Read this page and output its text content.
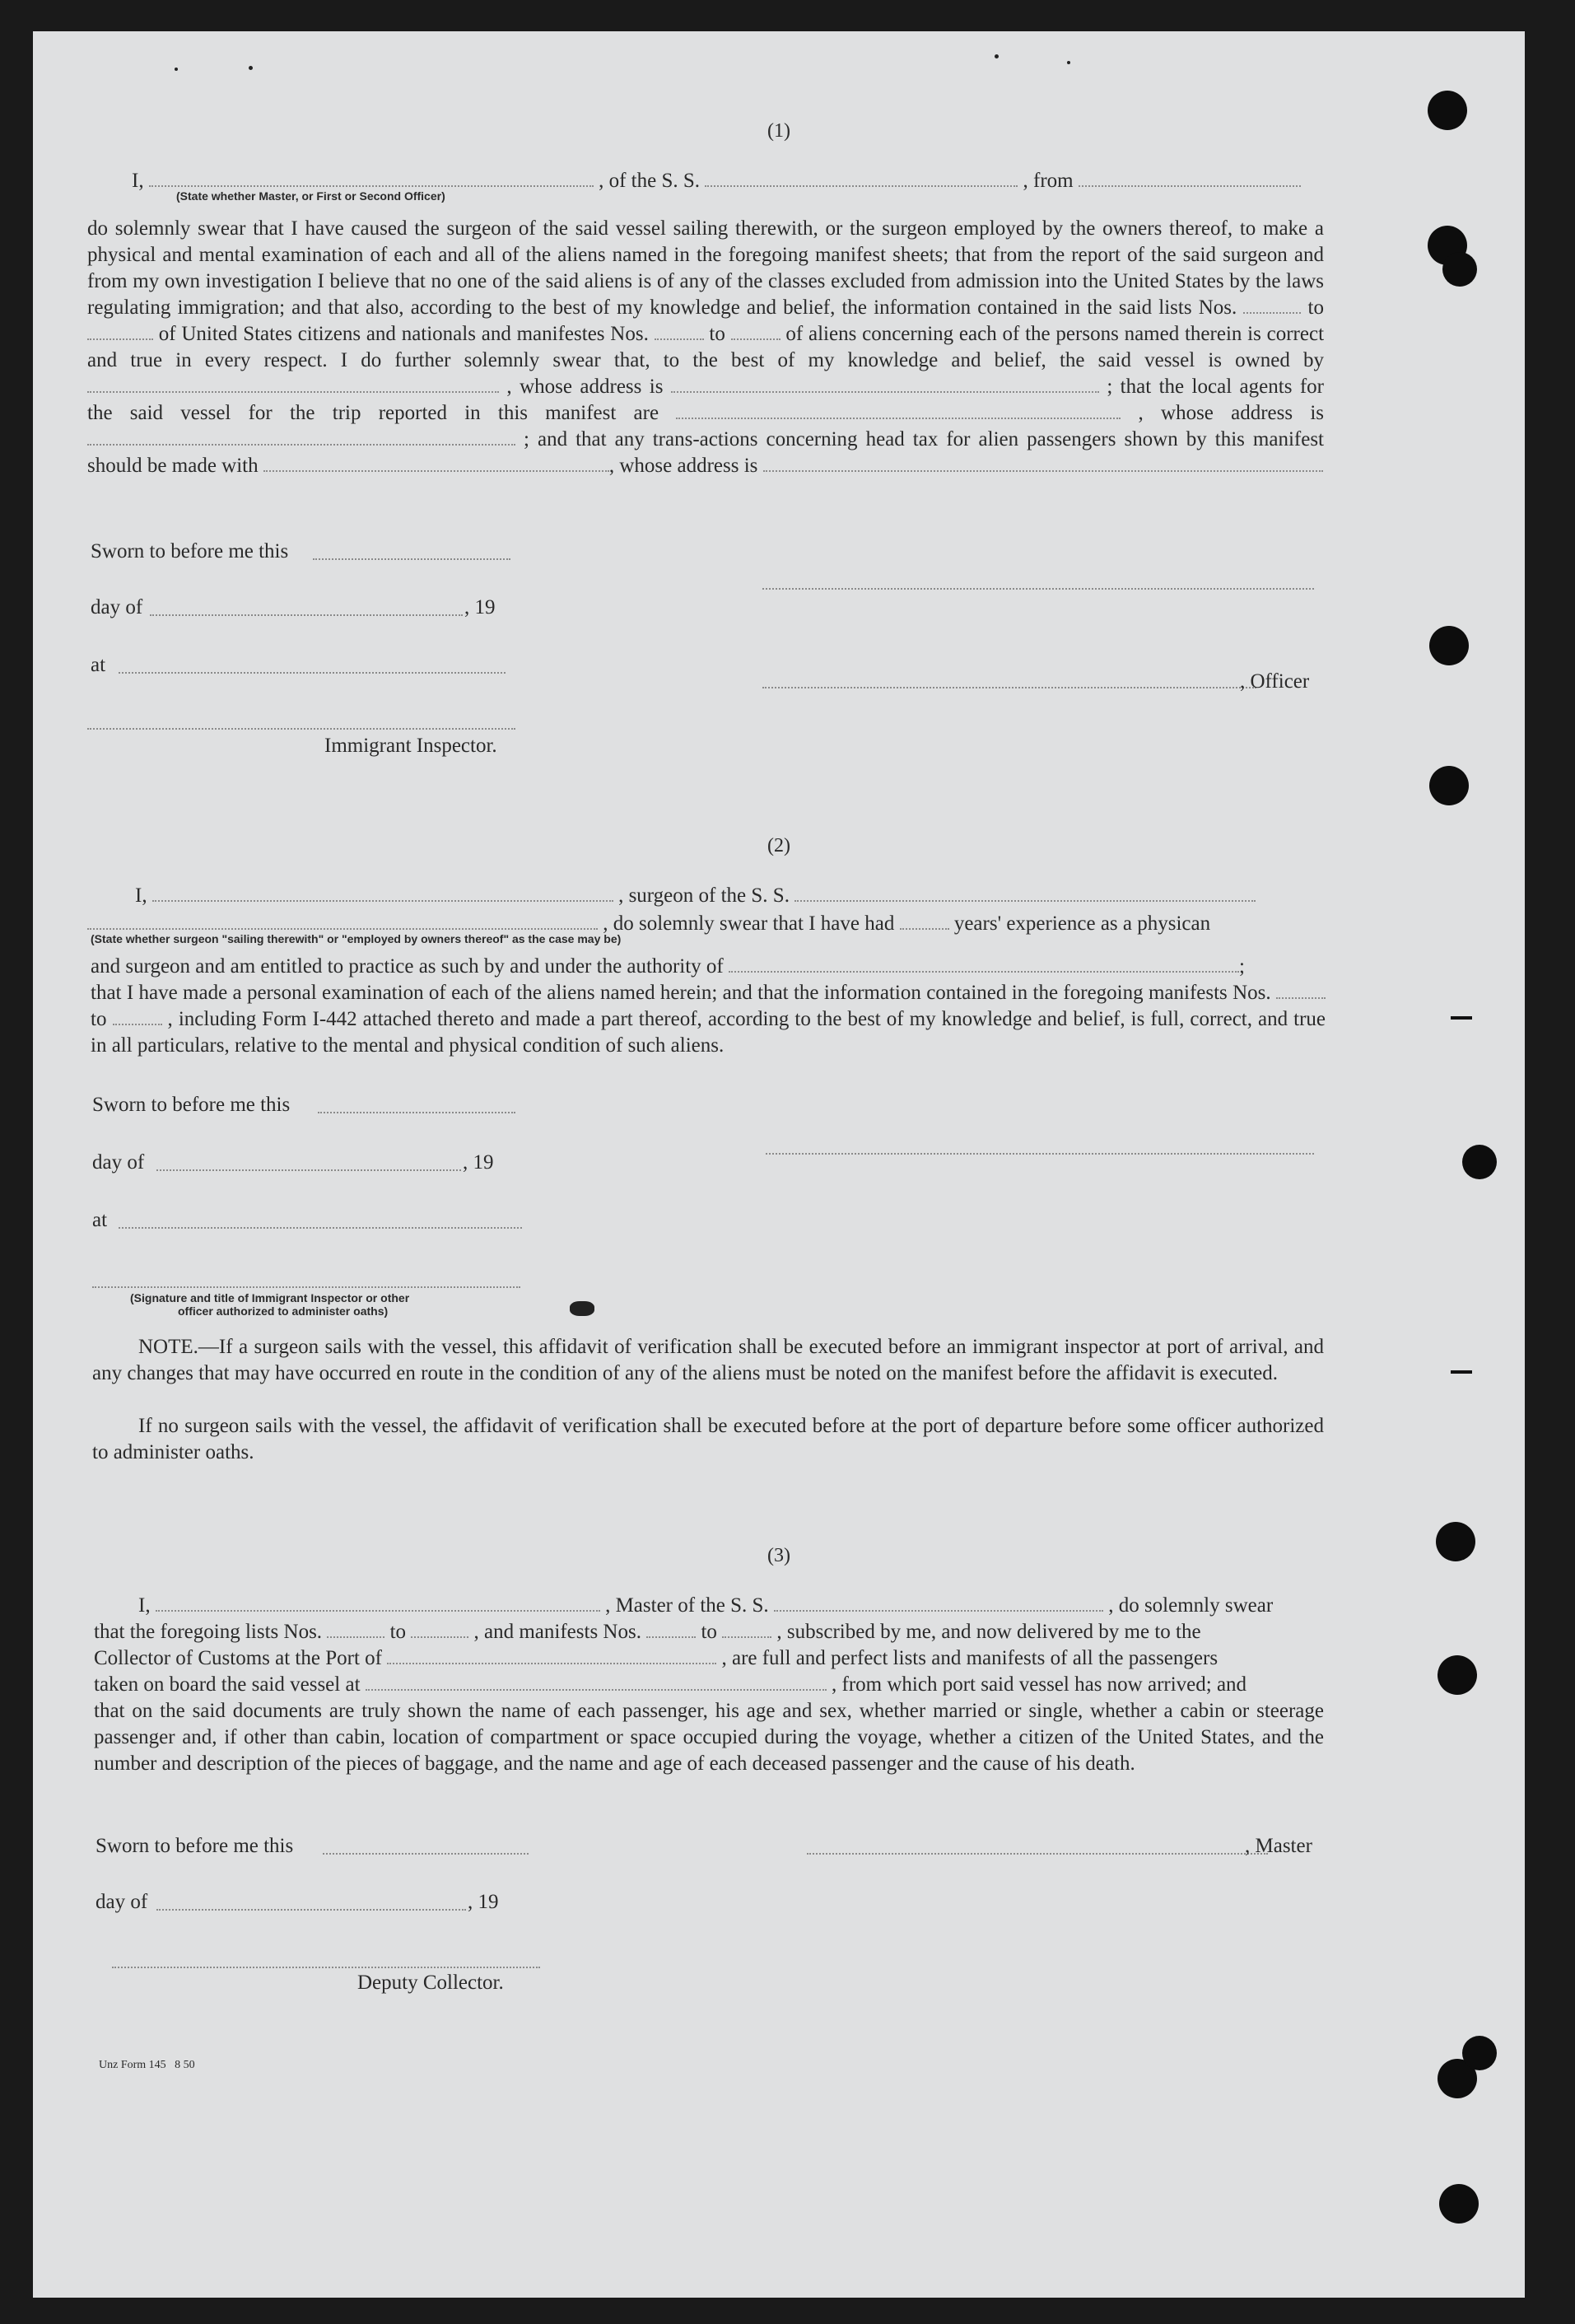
(1)
I,	, of the S. S.	, from
(State whether Master, or First or Second Officer)
do solemnly swear that I have caused the surgeon of the said vessel sailing therewith, or the surgeon employed by the owners thereof, to make a physical and mental examination of each and all of the aliens named in the foregoing manifest sheets; that from the report of the said surgeon and from my own investigation I believe that no one of the said aliens is of any of the classes excluded from admission into the United States by the laws regulating immigration; and that also, according to the best of my knowledge and belief, the information contained in the said lists Nos.	to  of United States citizens and nationals and manifestes Nos.	to	of aliens concerning each of the persons named therein is correct and true in every respect. I do further solemnly swear that, to the best of my knowledge and belief, the said vessel is owned by  , whose address is	; that the local agents for the said vessel for the trip reported in this manifest are	, whose address is  ; and that any trans-actions concerning head tax for alien passengers shown by this manifest should be made with	, whose address is
Sworn to before me this
day of	, 19
at
, Officer
Immigrant Inspector.
(2)
I,	, surgeon of the S. S.
, do solemnly swear that I have had	years' experience as a physican
(State whether surgeon "sailing therewith" or "employed by owners thereof" as the case may be)
and surgeon and am entitled to practice as such by and under the authority of	;
that I have made a personal examination of each of the aliens named herein; and that the information contained in the foregoing manifests Nos.  to	, including Form I-442 attached thereto and made a part thereof, according to the best of my knowledge and belief, is full, correct, and true in all particulars, relative to the mental and physical condition of such aliens.
Sworn to before me this
day of	, 19
at
(Signature and title of Immigrant Inspector or other
officer authorized to administer oaths)
NOTE.—If a surgeon sails with the vessel, this affidavit of verification shall be executed before an immigrant inspector at port of arrival, and any changes that may have occurred en route in the condition of any of the aliens must be noted on the manifest before the affidavit is executed.
If no surgeon sails with the vessel, the affidavit of verification shall be executed before at the port of departure before some officer authorized to administer oaths.
(3)
I,	, Master of the S. S.	, do solemnly swear
that the foregoing lists Nos.	to	, and manifests Nos.	to	, subscribed by me, and now delivered by me to the
Collector of Customs at the Port of	, are full and perfect lists and manifests of all the passengers
taken on board the said vessel at	, from which port said vessel has now arrived; and
that on the said documents are truly shown the name of each passenger, his age and sex, whether married or single, whether a cabin or steerage passenger and, if other than cabin, location of compartment or space occupied during the voyage, whether a citizen of the United States, and the number and description of the pieces of baggage, and the name and age of each deceased passenger and the cause of his death.
Sworn to before me this	, Master
day of	, 19
Deputy Collector.
Unz Form 145   8 50
